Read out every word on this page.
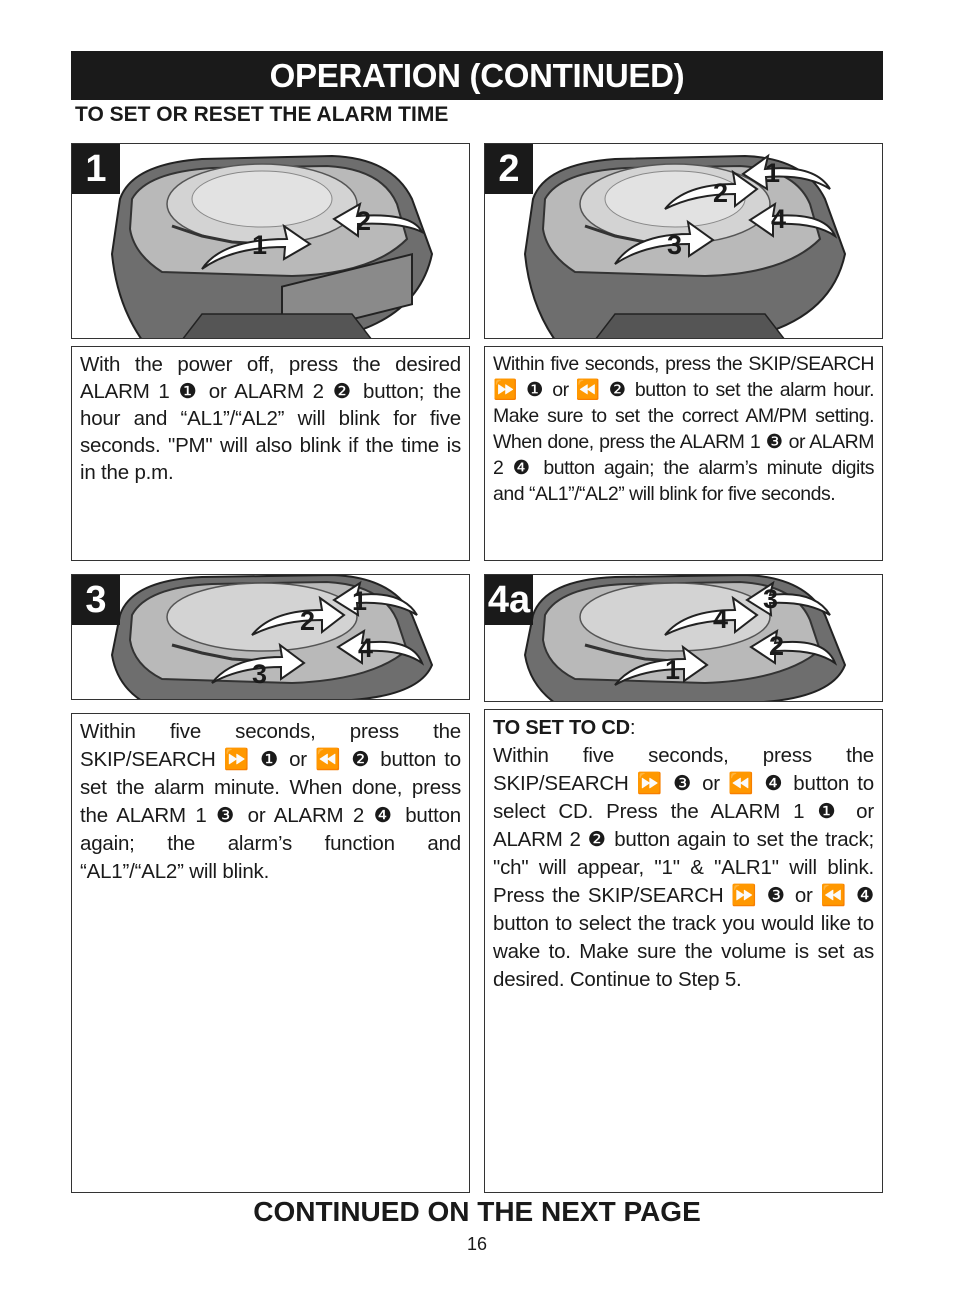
OPERATION (CONTINUED)
TO SET OR RESET THE ALARM TIME
1
1
2
2	1
2
3
4
With the power off, press the desired ALARM 1 ❶ or ALARM 2 ❷ button; the hour and “AL1”/“AL2” will blink for five seconds. "PM" will also blink if the time is in the p.m.
Within five seconds, press the SKIP/SEARCH ⏩ ❶ or ⏪ ❷ button to set the alarm hour. Make sure to set the correct AM/PM setting. When done, press the ALARM 1 ❸ or ALARM 2 ❹ button again; the alarm’s minute digits and “AL1”/“AL2” will blink for five seconds.
3	1
2
3
4
4a	3
4
1
2
Within five seconds, press the SKIP/SEARCH ⏩ ❶ or ⏪ ❷ button to set the alarm minute. When done, press the ALARM 1 ❸ or ALARM 2 ❹ button again; the alarm’s function and “AL1”/“AL2” will blink.
TO SET TO CD:
Within five seconds, press the SKIP/SEARCH ⏩ ❸ or ⏪ ❹ button to select CD. Press the ALARM 1 ❶ or ALARM 2 ❷ button again to set the track; "ch" will appear, "1" & "ALR1" will blink. Press the SKIP/SEARCH ⏩ ❸ or ⏪ ❹ button to select the track you would like to wake to. Make sure the volume is set as desired. Continue to Step 5.
CONTINUED ON THE NEXT PAGE
16
